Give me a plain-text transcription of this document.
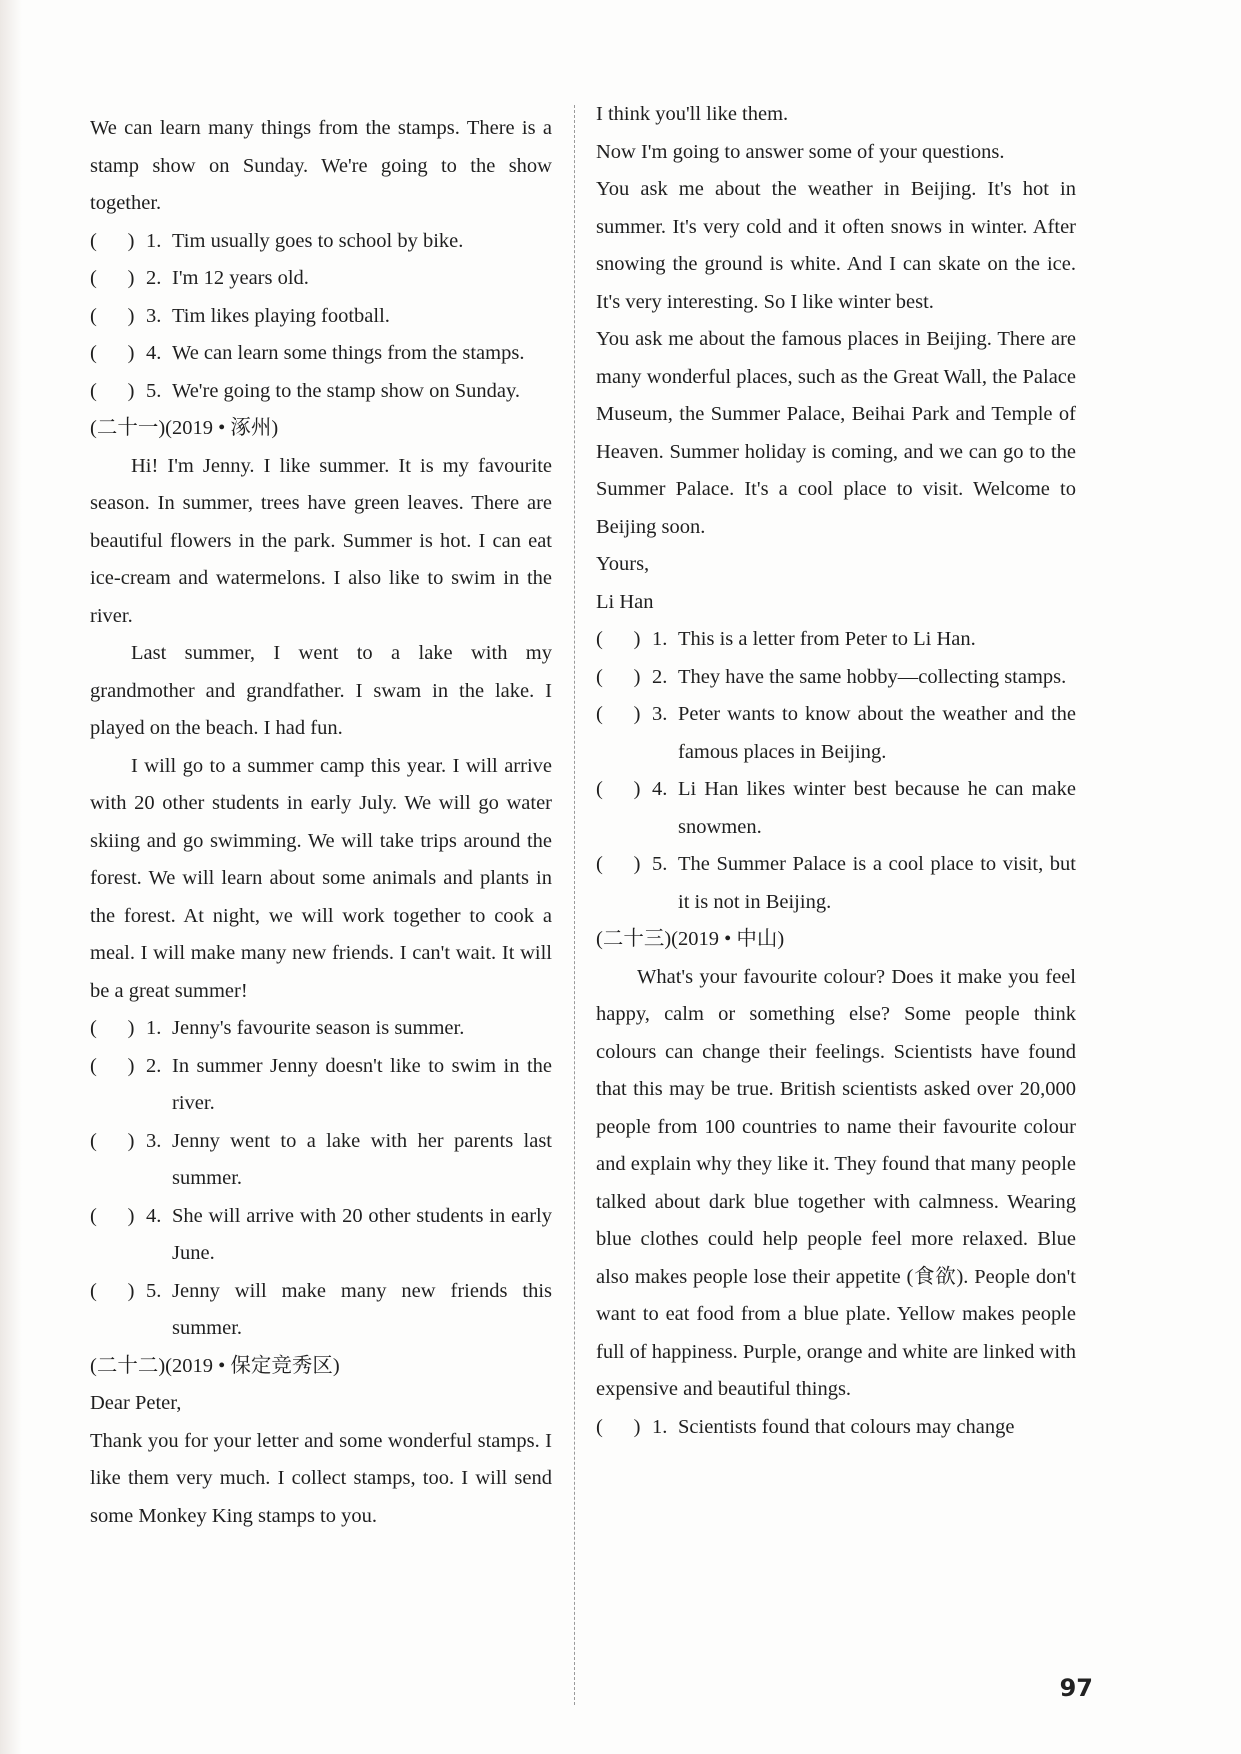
We can learn many things from the stamps. There is a stamp show on Sunday. We're going to the show together.

(      ) 1. Tim usually goes to school by bike.
(      ) 2. I'm 12 years old.
(      ) 3. Tim likes playing football.
(      ) 4. We can learn some things from the stamps.
(      ) 5. We're going to the stamp show on Sunday.

(二十一)(2019 • 涿州)

Hi! I'm Jenny. I like summer. It is my favourite season. In summer, trees have green leaves. There are beautiful flowers in the park. Summer is hot. I can eat ice-cream and watermelons. I also like to swim in the river.

Last summer, I went to a lake with my grandmother and grandfather. I swam in the lake. I played on the beach. I had fun.

I will go to a summer camp this year. I will arrive with 20 other students in early July. We will go water skiing and go swimming. We will take trips around the forest. We will learn about some animals and plants in the forest. At night, we will work together to cook a meal. I will make many new friends. I can't wait. It will be a great summer!

(      ) 1. Jenny's favourite season is summer.
(      ) 2. In summer Jenny doesn't like to swim in the river.
(      ) 3. Jenny went to a lake with her parents last summer.
(      ) 4. She will arrive with 20 other students in early June.
(      ) 5. Jenny will make many new friends this summer.

(二十二)(2019 • 保定竞秀区)

Dear Peter,

Thank you for your letter and some wonderful stamps. I like them very much. I collect stamps, too. I will send some Monkey King stamps to you.

I think you'll like them.

Now I'm going to answer some of your questions.

You ask me about the weather in Beijing. It's hot in summer. It's very cold and it often snows in winter. After snowing the ground is white. And I can skate on the ice. It's very interesting. So I like winter best.

You ask me about the famous places in Beijing. There are many wonderful places, such as the Great Wall, the Palace Museum, the Summer Palace, Beihai Park and Temple of Heaven. Summer holiday is coming, and we can go to the Summer Palace. It's a cool place to visit. Welcome to Beijing soon.

Yours,

Li Han

(      ) 1. This is a letter from Peter to Li Han.
(      ) 2. They have the same hobby—collecting stamps.
(      ) 3. Peter wants to know about the weather and the famous places in Beijing.
(      ) 4. Li Han likes winter best because he can make snowmen.
(      ) 5. The Summer Palace is a cool place to visit, but it is not in Beijing.

(二十三)(2019 • 中山)

What's your favourite colour? Does it make you feel happy, calm or something else? Some people think colours can change their feelings. Scientists have found that this may be true. British scientists asked over 20,000 people from 100 countries to name their favourite colour and explain why they like it. They found that many people talked about dark blue together with calmness. Wearing blue clothes could help people feel more relaxed. Blue also makes people lose their appetite (食欲). People don't want to eat food from a blue plate. Yellow makes people full of happiness. Purple, orange and white are linked with expensive and beautiful things.

(      ) 1. Scientists found that colours may change
97
